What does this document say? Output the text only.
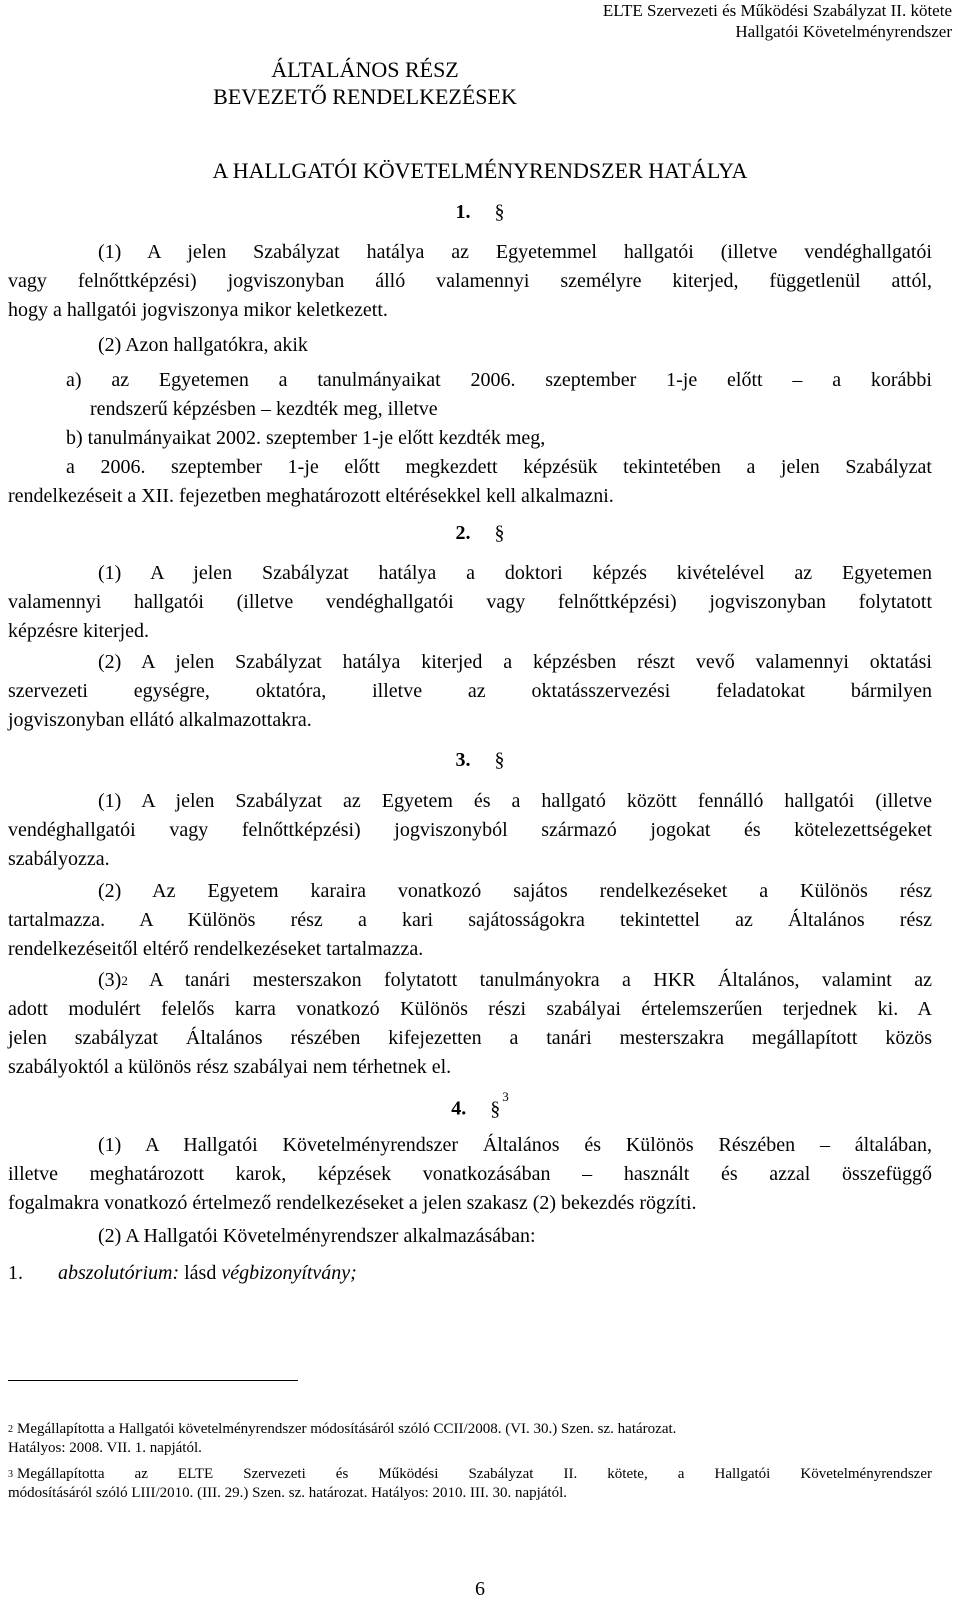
ELTE Szervezeti és Működési Szabályzat II. kötete
Hallgatói Követelményrendszer
ÁLTALÁNOS RÉSZ
BEVEZETŐ RENDELKEZÉSEK
A HALLGATÓI KÖVETELMÉNYRENDSZER HATÁLYA
1. §
(1) A jelen Szabályzat hatálya az Egyetemmel hallgatói (illetve vendéghallgatói
vagy felnőttképzési) jogviszonyban álló valamennyi személyre kiterjed, függetlenül attól,
hogy a hallgatói jogviszonya mikor keletkezett.
(2) Azon hallgatókra, akik
a) az Egyetemen a tanulmányaikat 2006. szeptember 1-je előtt – a korábbi
rendszerű képzésben – kezdték meg, illetve
b) tanulmányaikat 2002. szeptember 1-je előtt kezdték meg,
a 2006. szeptember 1-je előtt megkezdett képzésük tekintetében a jelen Szabályzat
rendelkezéseit a XII. fejezetben meghatározott eltérésekkel kell alkalmazni.
2. §
(1) A jelen Szabályzat hatálya a doktori képzés kivételével az Egyetemen
valamennyi hallgatói (illetve vendéghallgatói vagy felnőttképzési) jogviszonyban folytatott
képzésre kiterjed.
(2) A jelen Szabályzat hatálya kiterjed a képzésben részt vevő valamennyi oktatási
szervezeti egységre, oktatóra, illetve az oktatásszervezési feladatokat bármilyen
jogviszonyban ellátó alkalmazottakra.
3. §
(1) A jelen Szabályzat az Egyetem és a hallgató között fennálló hallgatói (illetve
vendéghallgatói vagy felnőttképzési) jogviszonyból származó jogokat és kötelezettségeket
szabályozza.
(2) Az Egyetem karaira vonatkozó sajátos rendelkezéseket a Különös rész
tartalmazza. A Különös rész a kari sajátosságokra tekintettel az Általános rész
rendelkezéseitől eltérő rendelkezéseket tartalmazza.
$(3)^2$ A tanári mesterszakon folytatott tanulmányokra a HKR Általános, valamint az
adott modulért felelős karra vonatkozó Különös részi szabályai értelemszerűen terjednek ki. A
jelen szabályzat Általános részében kifejezetten a tanári mesterszakra megállapított közös
szabályoktól a különös rész szabályai nem térhetnek el.
4. §$^3$
(1) A Hallgatói Követelményrendszer Általános és Különös Részében – általában,
illetve meghatározott karok, képzések vonatkozásában – használt és azzal összefüggő
fogalmakra vonatkozó értelmező rendelkezéseket a jelen szakasz (2) bekezdés rögzíti.
(2) A Hallgatói Követelményrendszer alkalmazásában:
1. abszolutórium: lásd végbizonyítvány;
$^2$ Megállapította a Hallgatói követelményrendszer módosításáról szóló CCII/2008. (VI. 30.) Szen. sz. határozat.
Hatályos: 2008. VII. 1. napjától.
$^3$ Megállapította az ELTE Szervezeti és Működési Szabályzat II. kötete, a Hallgatói Követelményrendszer
módosításáról szóló LIII/2010. (III. 29.) Szen. sz. határozat. Hatályos: 2010. III. 30. napjától.
6
